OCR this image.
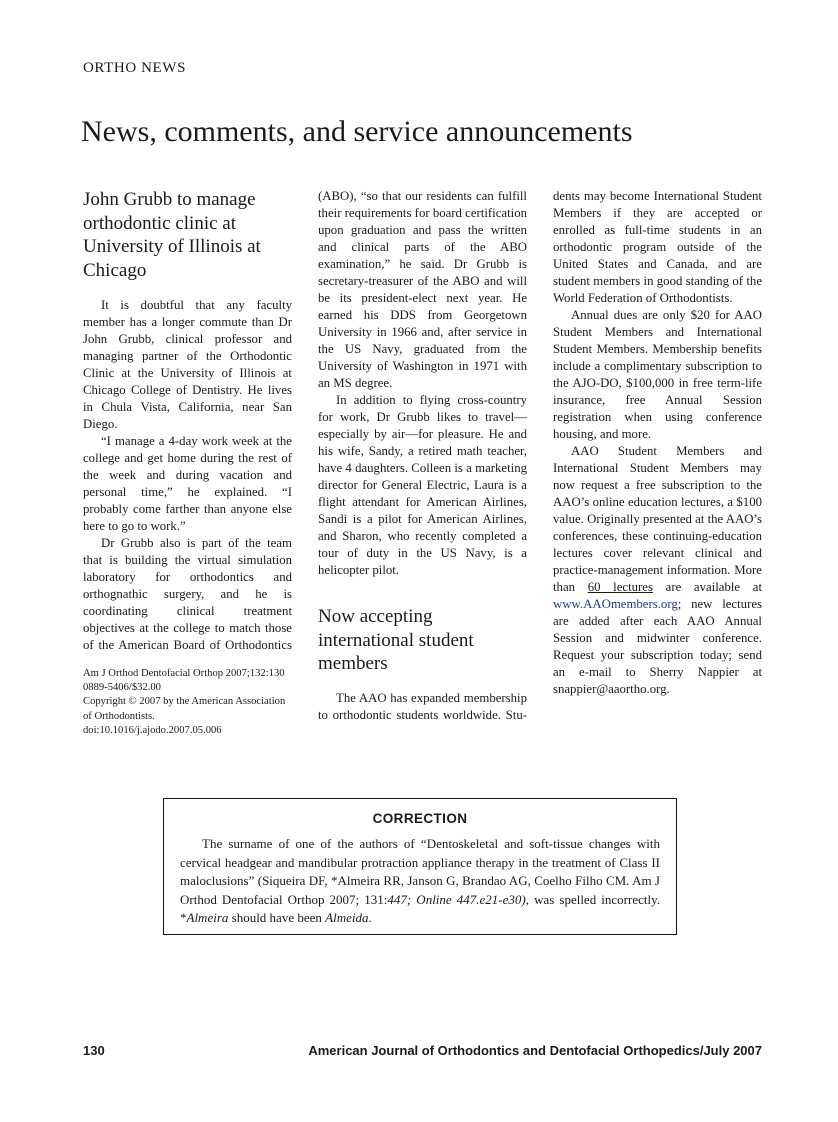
ORTHO NEWS
News, comments, and service announcements
John Grubb to manage orthodontic clinic at University of Illinois at Chicago

It is doubtful that any faculty member has a longer commute than Dr John Grubb, clinical professor and managing partner of the Orthodontic Clinic at the University of Illinois at Chicago College of Dentistry. He lives in Chula Vista, California, near San Diego.

“I manage a 4-day work week at the college and get home during the rest of the week and during vacation and personal time,” he explained. “I probably come farther than anyone else here to go to work.”

Dr Grubb also is part of the team that is building the virtual simulation laboratory for orthodontics and orthognathic surgery, and he is coordinating clinical treatment objectives at the college to match those of the American Board of Orthodontics

Am J Orthod Dentofacial Orthop 2007;132:130
0889-5406/$32.00
Copyright © 2007 by the American Association of Orthodontists.
doi:10.1016/j.ajodo.2007.05.006

(ABO), “so that our residents can fulfill their requirements for board certification upon graduation and pass the written and clinical parts of the ABO examination,” he said. Dr Grubb is secretary-treasurer of the ABO and will be its president-elect next year. He earned his DDS from Georgetown University in 1966 and, after service in the US Navy, graduated from the University of Washington in 1971 with an MS degree.

In addition to flying cross-country for work, Dr Grubb likes to travel—especially by air—for pleasure. He and his wife, Sandy, a retired math teacher, have 4 daughters. Colleen is a marketing director for General Electric, Laura is a flight attendant for American Airlines, Sandi is a pilot for American Airlines, and Sharon, who recently completed a tour of duty in the US Navy, is a helicopter pilot.

Now accepting international student members

The AAO has expanded membership to orthodontic students worldwide. Stu-

dents may become International Student Members if they are accepted or enrolled as full-time students in an orthodontic program outside of the United States and Canada, and are student members in good standing of the World Federation of Orthodontists.

Annual dues are only $20 for AAO Student Members and International Student Members. Membership benefits include a complimentary subscription to the AJO-DO, $100,000 in free term-life insurance, free Annual Session registration when using conference housing, and more.

AAO Student Members and International Student Members may now request a free subscription to the AAO’s online education lectures, a $100 value. Originally presented at the AAO’s conferences, these continuing-education lectures cover relevant clinical and practice-management information. More than 60 lectures are available at www.AAOmembers.org; new lectures are added after each AAO Annual Session and midwinter conference. Request your subscription today; send an e-mail to Sherry Nappier at snappier@aaortho.org.

CORRECTION
The surname of one of the authors of “Dentoskeletal and soft-tissue changes with cervical headgear and mandibular protraction appliance therapy in the treatment of Class II maloclusions” (Siqueira DF, *Almeira RR, Janson G, Brandao AG, Coelho Filho CM. Am J Orthod Dentofacial Orthop 2007; 131:447; Online 447.e21-e30), was spelled incorrectly. *Almeira should have been Almeida.
130	American Journal of Orthodontics and Dentofacial Orthopedics/July 2007
